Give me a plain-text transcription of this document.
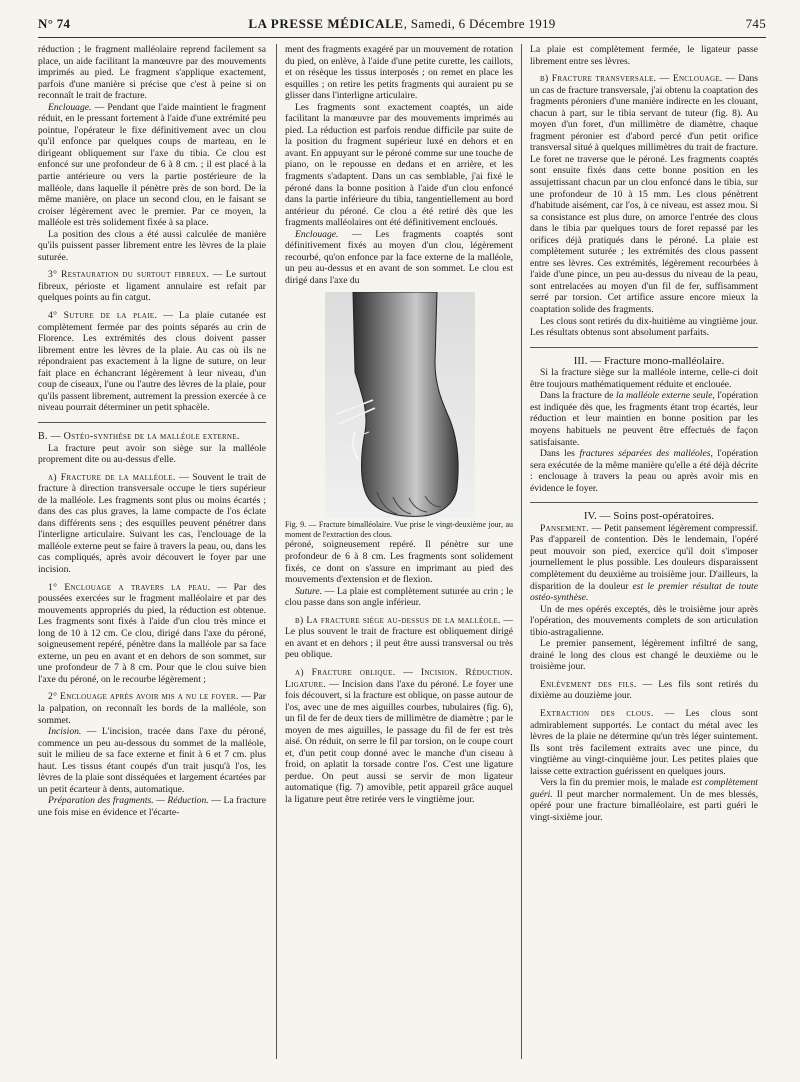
N° 74	LA PRESSE MÉDICALE, Samedi, 6 Décembre 1919	745

réduction ; le fragment malléolaire reprend facilement sa place, un aide facilitant la manœuvre par des mouvements imprimés au pied. Le fragment s'applique exactement, parfois d'une manière si précise que c'est à peine si on reconnaît le trait de fracture.

Enclouage. — Pendant que l'aide maintient le fragment réduit, en le pressant fortement à l'aide d'une extrémité peu pointue, l'opérateur le fixe définitivement avec un clou qu'il enfonce par quelques coups de marteau, en le dirigeant obliquement sur l'axe du tibia. Ce clou est enfoncé sur une profondeur de 6 à 8 cm. ; il est placé à la partie antérieure ou vers la partie postérieure de la malléole, dans laquelle il pénètre près de son bord. De la même manière, on place un second clou, en le faisant se croiser légèrement avec le premier. Par ce moyen, la malléole est très solidement fixée à sa place.

La position des clous a été aussi calculée de manière qu'ils puissent passer librement entre les lèvres de la plaie suturée.

3° Restauration du surtout fibreux. — Le surtout fibreux, périoste et ligament annulaire est refait par quelques points au fin catgut.

4° Suture de la plaie. — La plaie cutanée est complètement fermée par des points séparés au crin de Florence. Les extrémités des clous doivent passer librement entre les lèvres de la plaie. Au cas où ils ne répondraient pas exactement à la ligne de suture, on leur fait place en échancrant légèrement à leur niveau, d'un coup de ciseaux, l'une ou l'autre des lèvres de la plaie, pour qu'ils passent librement, autrement la pression exercée à ce niveau pourrait déterminer un petit sphacèle.

B. — Ostéo-synthèse de la malléole externe.

La fracture peut avoir son siège sur la malléole proprement dite ou au-dessus d'elle.

a) Fracture de la malléole. — Souvent le trait de fracture à direction transversale occupe le tiers supérieur de la malléole. Les fragments sont plus ou moins écartés ; dans des cas plus graves, la lame compacte de l'os éclate dans différents sens ; des esquilles peuvent pénétrer dans l'interligne articulaire. Suivant les cas, l'enclouage de la malléole externe peut se faire à travers la peau, ou, dans les cas compliqués, après avoir découvert le foyer par une incision.

1° Enclouage a travers la peau. — Par des poussées exercées sur le fragment malléolaire et par des mouvements appropriés du pied, la réduction est obtenue. Les fragments sont fixés à l'aide d'un clou très mince et long de 10 à 12 cm. Ce clou, dirigé dans l'axe du péroné, soigneusement repéré, pénètre dans la malléole par sa face externe, un peu en avant et en dehors de son sommet, sur une profondeur de 7 à 8 cm. Pour que le clou suive bien l'axe du péroné, on le recourbe légèrement ;

2° Enclouage après avoir mis a nu le foyer. — Par la palpation, on reconnaît les bords de la malléole, son sommet.

Incision. — L'incision, tracée dans l'axe du péroné, commence un peu au-dessous du sommet de la malléole, suit le milieu de sa face externe et finit à 6 et 7 cm. plus haut. Les tissus étant coupés d'un trait jusqu'à l'os, les lèvres de la plaie sont disséquées et largement écartées par un petit écarteur à dents, automatique.

Préparation des fragments. — Réduction. — La fracture une fois mise en évidence et l'écarte-

ment des fragments exagéré par un mouvement de rotation du pied, on enlève, à l'aide d'une petite curette, les caillots, et on résèque les tissus interposés ; on remet en place les esquilles ; on retire les petits fragments qui auraient pu se glisser dans l'interligne articulaire.

Les fragments sont exactement coaptés, un aide facilitant la manœuvre par des mouvements imprimés au pied. La réduction est parfois rendue difficile par suite de la position du fragment supérieur luxé en dehors et en avant. En appuyant sur le péroné comme sur une touche de piano, on le repousse en dedans et en arrière, et les fragments s'adaptent. Dans un cas semblable, j'ai fixé le péroné dans la bonne position à l'aide d'un clou enfoncé dans la partie inférieure du tibia, tangentiellement au bord antérieur du péroné. Ce clou a été retiré dès que les fragments malléolaires ont été définitivement encloués.

Enclouage. — Les fragments coaptés sont définitivement fixés au moyen d'un clou, légèrement recourbé, qu'on enfonce par la face externe de la malléole, un peu au-dessus et en avant de son sommet. Le clou est dirigé dans l'axe du

Fig. 9. — Fracture bimalléolaire. Vue prise le vingt-deuxième jour, au moment de l'extraction des clous.

péroné, soigneusement repéré. Il pénètre sur une profondeur de 6 à 8 cm. Les fragments sont solidement fixés, ce dont on s'assure en imprimant au pied des mouvements d'extension et de flexion.

Suture. — La plaie est complètement suturée au crin ; le clou passe dans son angle inférieur.

b) La fracture siège au-dessus de la malléole. — Le plus souvent le trait de fracture est obliquement dirigé en avant et en dehors ; il peut être aussi transversal ou très peu oblique.

α) Fracture oblique. — Incision. Réduction. Ligature. — Incision dans l'axe du péroné. Le foyer une fois découvert, si la fracture est oblique, on passe autour de l'os, avec une de mes aiguilles courbes, tubulaires (fig. 6), un fil de fer de deux tiers de millimètre de diamètre ; par le moyen de mes aiguilles, le passage du fil de fer est très aisé. On réduit, on serre le fil par torsion, on le coupe court et, d'un petit coup donné avec le manche d'un ciseau à froid, on aplatit la torsade contre l'os. C'est une ligature perdue. On peut aussi se servir de mon ligateur automatique (fig. 7) amovible, petit appareil grâce auquel la ligature peut être retirée vers le vingtième jour.

La plaie est complètement fermée, le ligateur passe librement entre ses lèvres.

β) Fracture transversale. — Enclouage. — Dans un cas de fracture transversale, j'ai obtenu la coaptation des fragments péroniers d'une manière indirecte en les clouant, chacun à part, sur le tibia servant de tuteur (fig. 8). Au moyen d'un foret, d'un millimètre de diamètre, chaque fragment péronier est d'abord percé d'un petit orifice transversal situé à quelques millimètres du trait de fracture. Le foret ne traverse que le péroné. Les fragments coaptés sont ensuite fixés dans cette bonne position en les assujettissant chacun par un clou enfoncé dans le tibia, sur une profondeur de 10 à 15 mm. Les clous pénètrent d'habitude aisément, car l'os, à ce niveau, est assez mou. Si sa consistance est plus dure, on amorce l'entrée des clous dans le tibia par quelques tours de foret repassé par les orifices déjà pratiqués dans le péroné. La plaie est complètement suturée ; les extrémités des clous passent entre ses lèvres. Ces extrémités, légèrement recourbées à l'aide d'une pince, un peu au-dessus du niveau de la peau, sont entrelacées au moyen d'un fil de fer, suffisamment serré par torsion. Cet artifice assure encore mieux la coaptation solide des fragments.

Les clous sont retirés du dix-huitième au vingtième jour. Les résultats obtenus sont absolument parfaits.

III. — Fracture mono-malléolaire.

Si la fracture siège sur la malléole interne, celle-ci doit être toujours mathématiquement réduite et enclouée.

Dans la fracture de la malléole externe seule, l'opération est indiquée dès que, les fragments étant trop écartés, leur réduction et leur maintien en bonne position par les moyens habituels ne peuvent être effectués de façon satisfaisante.

Dans les fractures séparées des malléoles, l'opération sera exécutée de la même manière qu'elle a été déjà décrite : enclouage à travers la peau ou après avoir mis en évidence le foyer.

IV. — Soins post-opératoires.

Pansement. — Petit pansement légèrement compressif. Pas d'appareil de contention. Dès le lendemain, l'opéré peut mouvoir son pied, exercice qu'il doit s'imposer journellement le plus possible. Les douleurs disparaissent complètement du deuxième au troisième jour. D'ailleurs, la disparition de la douleur est le premier résultat de toute ostéo-synthèse.

Un de mes opérés exceptés, dès le troisième jour après l'opération, des mouvements complets de son articulation tibio-astragalienne.

Le premier pansement, légèrement infiltré de sang, drainé le long des clous est changé le deuxième ou le troisième jour.

Enlèvement des fils. — Les fils sont retirés du dixième au douzième jour.

Extraction des clous. — Les clous sont admirablement supportés. Le contact du métal avec les lèvres de la plaie ne détermine qu'un très léger suintement. Ils sont très facilement extraits avec une pince, du vingtième au vingt-cinquième jour. Les petites plaies que laisse cette extraction guérissent en quelques jours.

Vers la fin du premier mois, le malade est complètement guéri. Il peut marcher normalement. Un de mes blessés, opéré pour une fracture bimalléolaire, est parti guéri le vingt-sixième jour.
